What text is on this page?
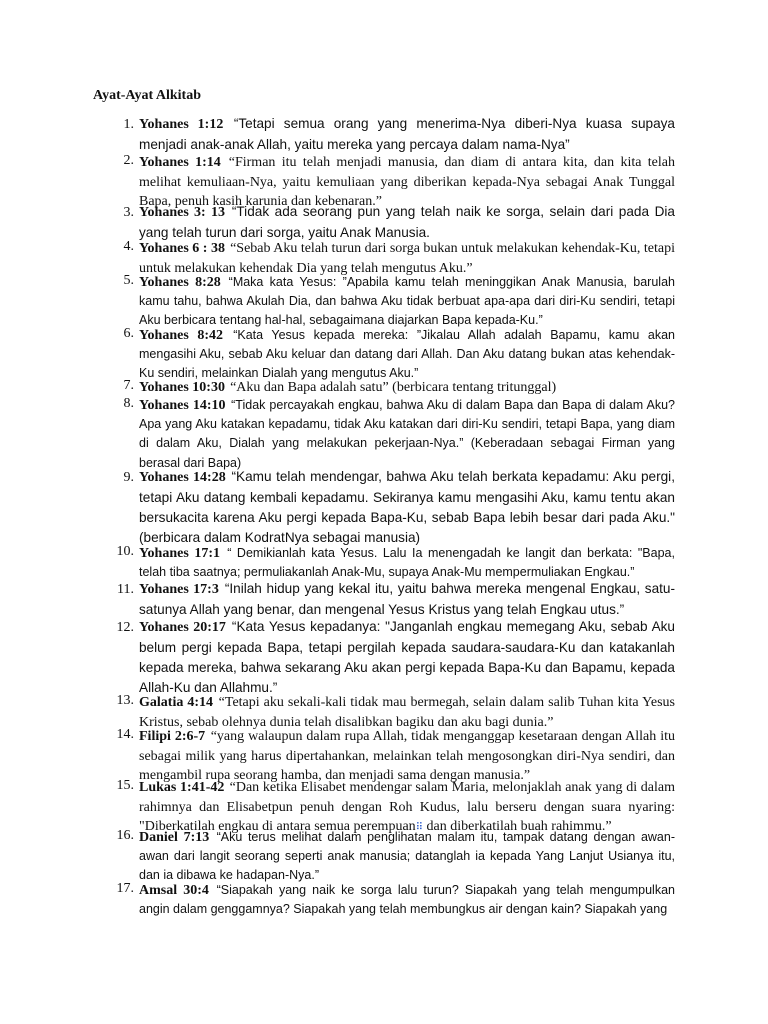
Ayat-Ayat Alkitab
1. Yohanes 1:12 “Tetapi semua orang yang menerima-Nya diberi-Nya kuasa supaya menjadi anak-anak Allah, yaitu mereka yang percaya dalam nama-Nya”

2. Yohanes 1:14 “Firman itu telah menjadi manusia, dan diam di antara kita, dan kita telah melihat kemuliaan-Nya, yaitu kemuliaan yang diberikan kepada-Nya sebagai Anak Tunggal Bapa, penuh kasih karunia dan kebenaran.”

3. Yohanes 3: 13 “Tidak ada seorang pun yang telah naik ke sorga, selain dari pada Dia yang telah turun dari sorga, yaitu Anak Manusia.

4. Yohanes 6 : 38 “Sebab Aku telah turun dari sorga bukan untuk melakukan kehendak-Ku, tetapi untuk melakukan kehendak Dia yang telah mengutus Aku.”

5. Yohanes 8:28 “Maka kata Yesus: ”Apabila kamu telah meninggikan Anak Manusia, barulah kamu tahu, bahwa Akulah Dia, dan bahwa Aku tidak berbuat apa-apa dari diri-Ku sendiri, tetapi Aku berbicara tentang hal-hal, sebagaimana diajarkan Bapa kepada-Ku.”

6. Yohanes 8:42 “Kata Yesus kepada mereka: ”Jikalau Allah adalah Bapamu, kamu akan mengasihi Aku, sebab Aku keluar dan datang dari Allah. Dan Aku datang bukan atas kehendak-Ku sendiri, melainkan Dialah yang mengutus Aku.”

7. Yohanes 10:30 “Aku dan Bapa adalah satu” (berbicara tentang tritunggal)

8. Yohanes 14:10 “Tidak percayakah engkau, bahwa Aku di dalam Bapa dan Bapa di dalam Aku? Apa yang Aku katakan kepadamu, tidak Aku katakan dari diri-Ku sendiri, tetapi Bapa, yang diam di dalam Aku, Dialah yang melakukan pekerjaan-Nya.” (Keberadaan sebagai Firman yang berasal dari Bapa)

9. Yohanes 14:28 “Kamu telah mendengar, bahwa Aku telah berkata kepadamu: Aku pergi, tetapi Aku datang kembali kepadamu. Sekiranya kamu mengasihi Aku, kamu tentu akan bersukacita karena Aku pergi kepada Bapa-Ku, sebab Bapa lebih besar dari pada Aku." (berbicara dalam KodratNya sebagai manusia)

10. Yohanes 17:1 “ Demikianlah kata Yesus. Lalu Ia menengadah ke langit dan berkata: "Bapa, telah tiba saatnya; permuliakanlah Anak-Mu, supaya Anak-Mu mempermuliakan Engkau.”

11. Yohanes 17:3 “Inilah hidup yang kekal itu, yaitu bahwa mereka mengenal Engkau, satu-satunya Allah yang benar, dan mengenal Yesus Kristus yang telah Engkau utus.”

12. Yohanes 20:17 “Kata Yesus kepadanya: "Janganlah engkau memegang Aku, sebab Aku belum pergi kepada Bapa, tetapi pergilah kepada saudara-saudara-Ku dan katakanlah kepada mereka, bahwa sekarang Aku akan pergi kepada Bapa-Ku dan Bapamu, kepada Allah-Ku dan Allahmu.”

13. Galatia 4:14 “Tetapi aku sekali-kali tidak mau bermegah, selain dalam salib Tuhan kita Yesus Kristus, sebab olehnya dunia telah disalibkan bagiku dan aku bagi dunia.”

14. Filipi 2:6-7 “yang walaupun dalam rupa Allah, tidak menganggap kesetaraan dengan Allah itu sebagai milik yang harus dipertahankan, melainkan telah mengosongkan diri-Nya sendiri, dan mengambil rupa seorang hamba, dan menjadi sama dengan manusia.”

15. Lukas 1:41-42 “Dan ketika Elisabet mendengar salam Maria, melonjaklah anak yang di dalam rahimnya dan Elisabetpun penuh dengan Roh Kudus, lalu berseru dengan suara nyaring: "Diberkatilah engkau di antara semua perempuan⠿ dan diberkatilah buah rahimmu.”

16. Daniel 7:13 “Aku terus melihat dalam penglihatan malam itu, tampak datang dengan awan-awan dari langit seorang seperti anak manusia; datanglah ia kepada Yang Lanjut Usianya itu, dan ia dibawa ke hadapan-Nya.”

17. Amsal 30:4 “Siapakah yang naik ke sorga lalu turun? Siapakah yang telah mengumpulkan angin dalam genggamnya? Siapakah yang telah membungkus air dengan kain? Siapakah yang
